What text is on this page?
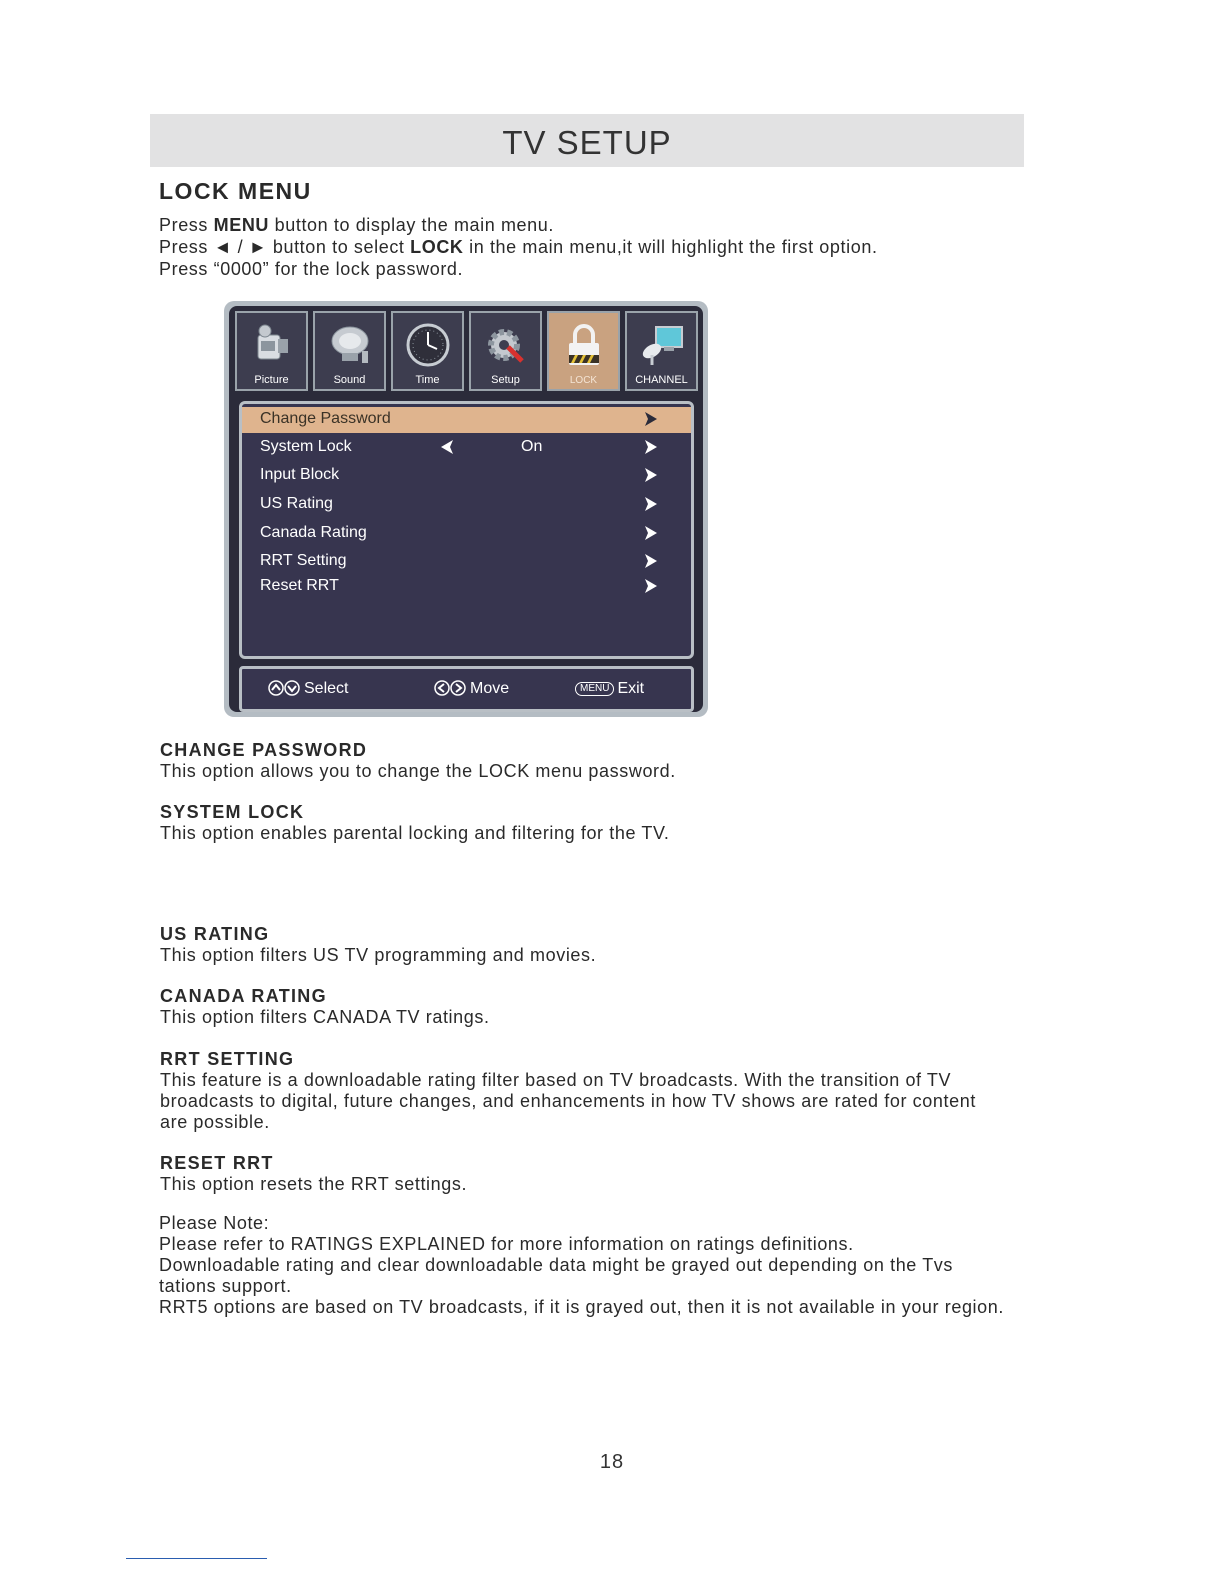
TV SETUP
LOCK MENU
Press MENU button to display the main menu.
Press ◄ / ► button to select LOCK in the main menu,it will highlight the first option.
Press “0000” for the lock password.
Picture	Sound	Time	Setup	LOCK	CHANNEL
Change Password
System Lock	On
Input Block
US Rating
Canada Rating
RRT Setting
Reset RRT
Select	Move	MENU Exit

CHANGE PASSWORD

This option allows you to change the LOCK menu password.

SYSTEM LOCK

This option enables parental locking and filtering for the TV.

US RATING

This option filters US TV programming and movies.

CANADA RATING

This option filters CANADA TV ratings.

RRT SETTING

This feature is a downloadable rating filter based on TV broadcasts. With the transition of TV

broadcasts to digital, future changes, and enhancements in how TV shows are rated for content

are possible.

RESET RRT

This option resets the RRT settings.

Please Note:

Please refer to RATINGS EXPLAINED for more information on ratings definitions.

Downloadable rating and clear downloadable data might be grayed out depending on the Tvs

tations support.

RRT5 options are based on TV broadcasts, if it is grayed out, then it is not available in your region.

18
